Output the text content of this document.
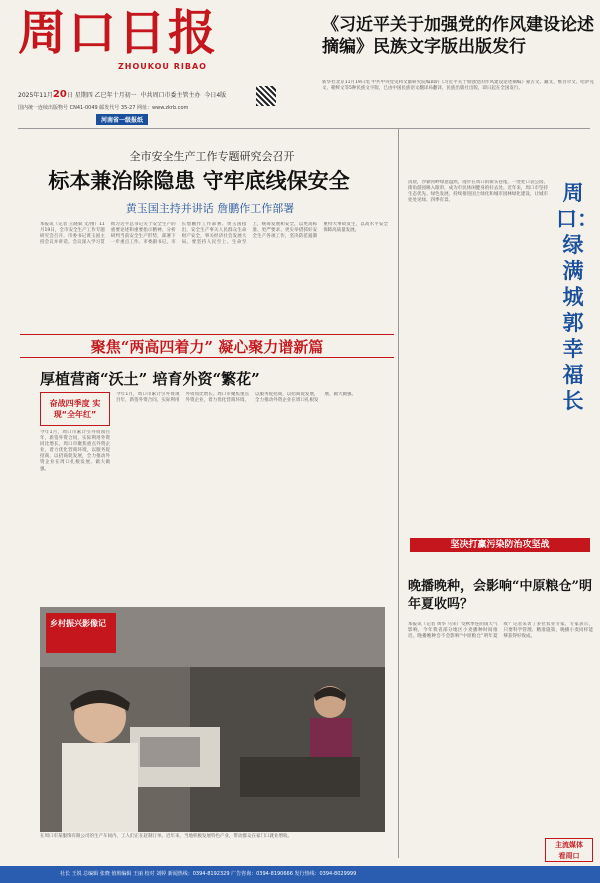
周口日报
ZHOUKOU RIBAO
2025年11月20日 星期四 乙巳年十月初一 中共周口市委主管主办 今日4版
国内统一连续出版物号 CN41-0049 邮发代号 35-27 网址：www.zkrb.com
《习近平关于加强党的作风建设论述摘编》民族文字版出版发行
新华社北京11月19日电 中共中央党史和文献研究院编辑的《习近平关于加强党的作风建设论述摘编》蒙古文、藏文、维吾尔文、哈萨克文、朝鲜文等5种民族文字版，已由中国民族语文翻译局翻译，民族出版社出版，即日起在全国发行。
河南省一级报纸
全市安全生产工作专题研究会召开
标本兼治除隐患 守牢底线保安全
黄玉国主持并讲话 詹鹏作工作部署
本报讯（记者 王晓斌 文/图）11月19日，全市安全生产工作专题研究会召开，市委书记黄玉国主持会议并讲话。会议深入学习贯彻习近平总书记关于安全生产的重要论述和重要指示精神，分析研判当前安全生产形势，部署下一步重点工作。市委副书记、市长詹鹏作工作部署。黄玉国指出，安全生产事关人民群众生命财产安全，事关经济社会发展大局。要坚持人民至上、生命至上，统筹发展和安全，以更高标准、更严要求、更实举措抓好安全生产各项工作，坚决防范遏制重特大事故发生，以高水平安全保障高质量发展。
聚焦“两高四着力” 凝心聚力谱新篇
厚植营商“沃土” 培育外资“繁花”
奋战四季度 实现“全年红”
今年1月，周口市累计引外资项目年，新签外资合同，实际利用外资同比增长。周口市聚焦重点外资企业，着力优化营商环境，以服务促招商，以招商促发展，全力推动外资企业在周口扎根发展、做大做强。
今年1月，周口市累计引外资项目年，新签外资合同，实际利用外资同比增长。周口市聚焦重点外资企业，着力优化营商环境，以服务促招商，以招商促发展，全力推动外资企业在周口扎根发展、做大做强。
乡村振兴影像记
在周口市某服饰有限公司的生产车间内，工人们正在赶制订单。近年来，当地积极发展特色产业，带动群众在家门口就业增收。
清晨，沙颍河畔绿意盎然。漫步在周口的街头巷尾，一处处口袋公园、街角游园映入眼帘，成为市民休闲健身的好去处。近年来，周口市坚持生态优先、绿色发展，持续推进国土绿化和城市园林绿化建设，让城市处处见绿、四季有景。	周口：绿满城郭幸福长
坚决打赢污染防治攻坚战
晚播晚种，会影响“中原粮仓”明年夏收吗？
本报讯（记者 黄华 马荣）受秋季连阴雨天气影响，今年我省部分地区小麦播种时间推迟。晚播晚种会不会影响“中原粮仓”明年夏收？记者采访了多位农业专家，专家表示，只要科学管理、精准施策，晚播小麦同样能够获得好收成。
主流媒体
看周口
社长 王锐 总编辑 张晓 值班编辑 王丽 校对 刘婷 新闻热线：0394-8192329 广告咨询：0394-8190666 发行热线：0394-8029999
